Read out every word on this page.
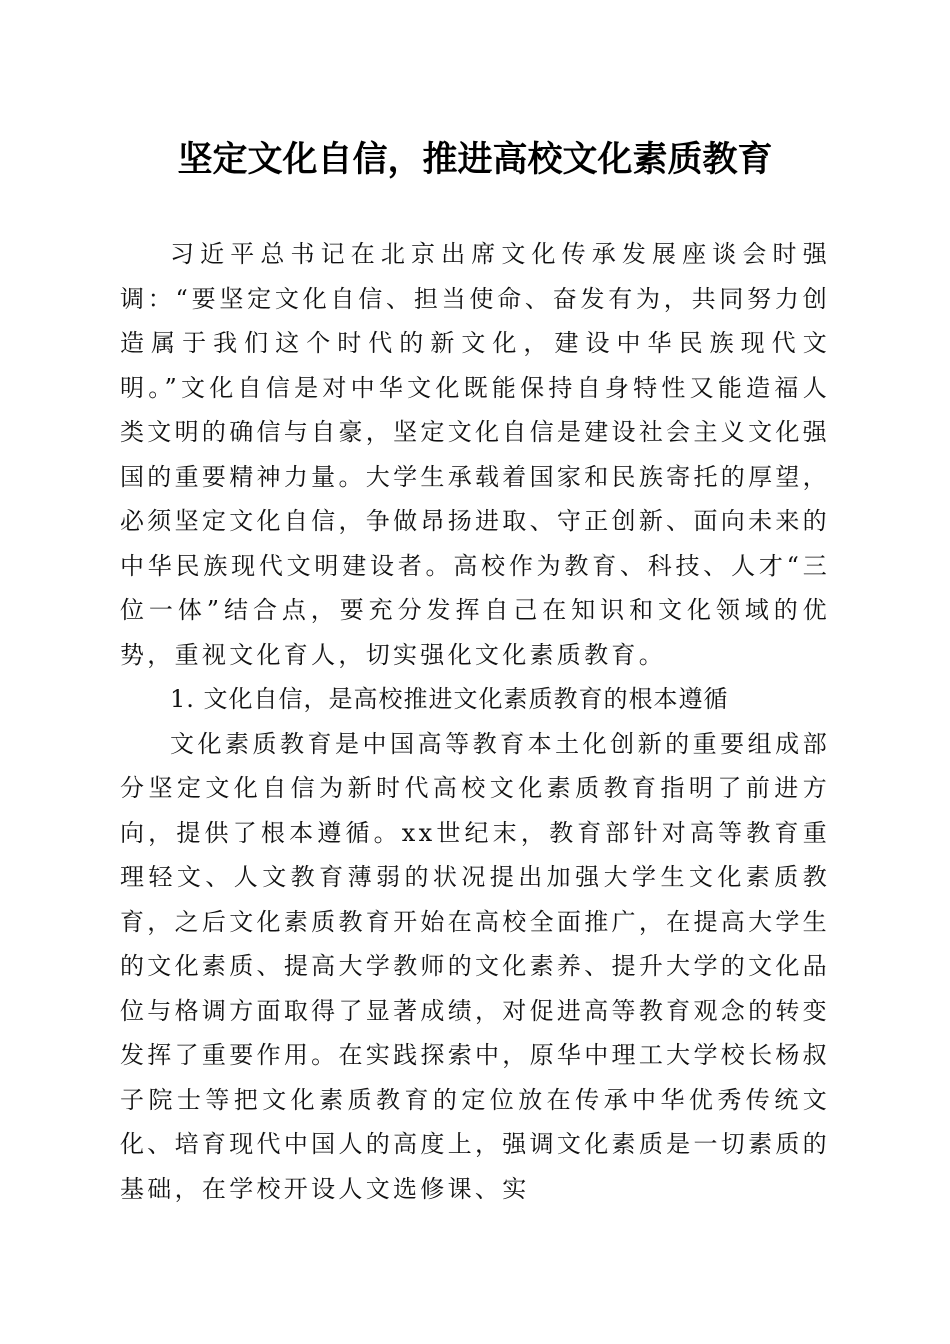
坚定文化自信，推进高校文化素质教育

习近平总书记在北京出席文化传承发展座谈会时强调：“要坚定文化自信、担当使命、奋发有为，共同努力创造属于我们这个时代的新文化，建设中华民族现代文明。”文化自信是对中华文化既能保持自身特性又能造福人类文明的确信与自豪，坚定文化自信是建设社会主义文化强国的重要精神力量。大学生承载着国家和民族寄托的厚望，必须坚定文化自信，争做昂扬进取、守正创新、面向未来的中华民族现代文明建设者。高校作为教育、科技、人才“三位一体”结合点，要充分发挥自己在知识和文化领域的优势，重视文化育人，切实强化文化素质教育。

1. 文化自信，是高校推进文化素质教育的根本遵循

文化素质教育是中国高等教育本土化创新的重要组成部分坚定文化自信为新时代高校文化素质教育指明了前进方向，提供了根本遵循。xx世纪末，教育部针对高等教育重理轻文、人文教育薄弱的状况提出加强大学生文化素质教育，之后文化素质教育开始在高校全面推广，在提高大学生的文化素质、提高大学教师的文化素养、提升大学的文化品位与格调方面取得了显著成绩，对促进高等教育观念的转变发挥了重要作用。在实践探索中，原华中理工大学校长杨叔子院士等把文化素质教育的定位放在传承中华优秀传统文化、培育现代中国人的高度上，强调文化素质是一切素质的基础，在学校开设人文选修课、实
